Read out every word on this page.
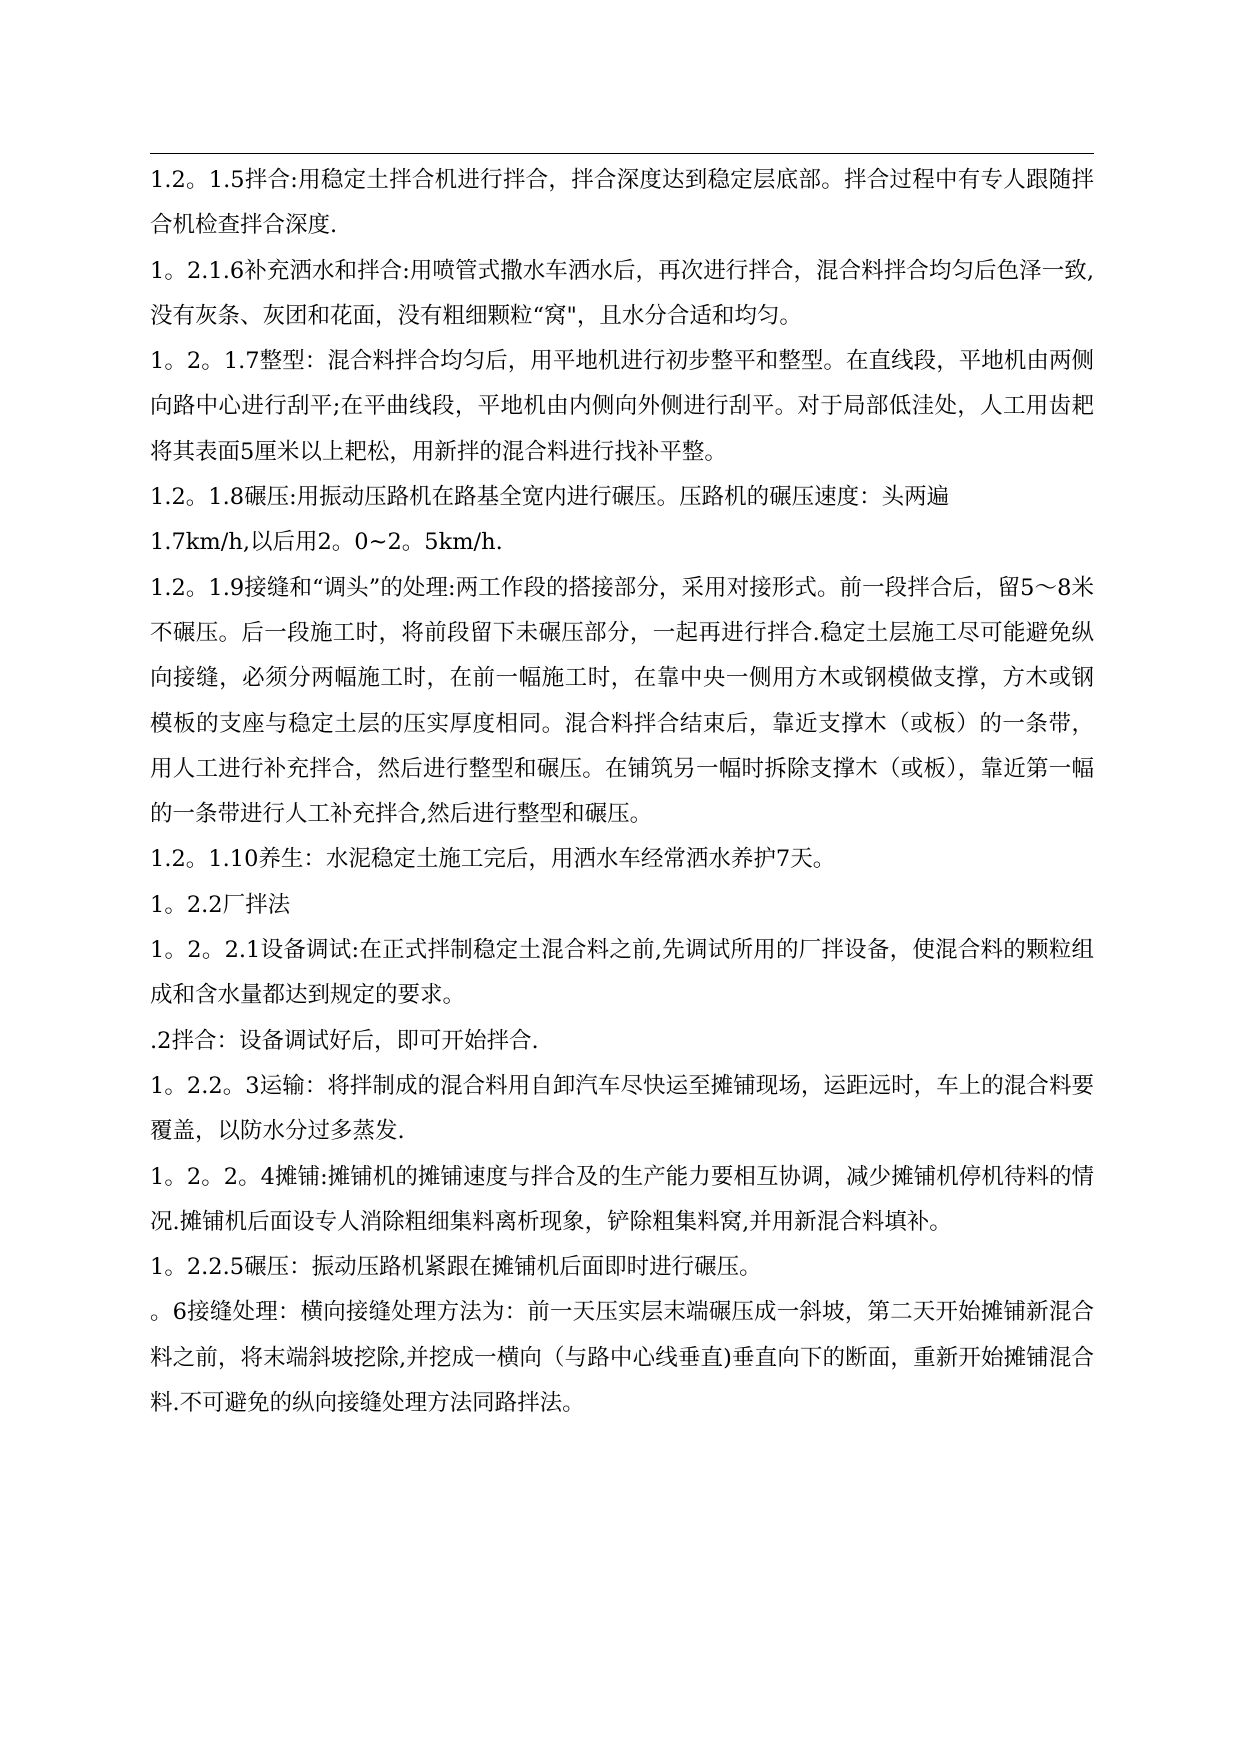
1.2。1.5拌合:用稳定土拌合机进行拌合，拌合深度达到稳定层底部。拌合过程中有专人跟随拌合机检查拌合深度.

1。2.1.6补充洒水和拌合:用喷管式撒水车洒水后，再次进行拌合，混合料拌合均匀后色泽一致,没有灰条、灰团和花面，没有粗细颗粒“窝"，且水分合适和均匀。

1。2。1.7整型：混合料拌合均匀后，用平地机进行初步整平和整型。在直线段，平地机由两侧向路中心进行刮平;在平曲线段，平地机由内侧向外侧进行刮平。对于局部低洼处，人工用齿耙将其表面5厘米以上耙松，用新拌的混合料进行找补平整。

1.2。1.8碾压:用振动压路机在路基全宽内进行碾压。压路机的碾压速度：头两遍

1.7km/h,以后用2。0~2。5km/h.

1.2。1.9接缝和“调头”的处理:两工作段的搭接部分，采用对接形式。前一段拌合后，留5～8米不碾压。后一段施工时，将前段留下未碾压部分，一起再进行拌合.稳定土层施工尽可能避免纵向接缝，必须分两幅施工时，在前一幅施工时，在靠中央一侧用方木或钢模做支撑，方木或钢模板的支座与稳定土层的压实厚度相同。混合料拌合结束后，靠近支撑木（或板）的一条带，用人工进行补充拌合，然后进行整型和碾压。在铺筑另一幅时拆除支撑木（或板），靠近第一幅的一条带进行人工补充拌合,然后进行整型和碾压。

1.2。1.10养生：水泥稳定土施工完后，用洒水车经常洒水养护7天。

1。2.2厂拌法

1。2。2.1设备调试:在正式拌制稳定土混合料之前,先调试所用的厂拌设备，使混合料的颗粒组成和含水量都达到规定的要求。

.2拌合：设备调试好后，即可开始拌合.

1。2.2。3运输：将拌制成的混合料用自卸汽车尽快运至摊铺现场，运距远时，车上的混合料要覆盖，以防水分过多蒸发.

1。2。2。4摊铺:摊铺机的摊铺速度与拌合及的生产能力要相互协调，减少摊铺机停机待料的情况.摊铺机后面设专人消除粗细集料离析现象，铲除粗集料窝,并用新混合料填补。

1。2.2.5碾压：振动压路机紧跟在摊铺机后面即时进行碾压。

。6接缝处理：横向接缝处理方法为：前一天压实层末端碾压成一斜坡，第二天开始摊铺新混合料之前，将末端斜坡挖除,并挖成一横向（与路中心线垂直)垂直向下的断面，重新开始摊铺混合料.不可避免的纵向接缝处理方法同路拌法。
